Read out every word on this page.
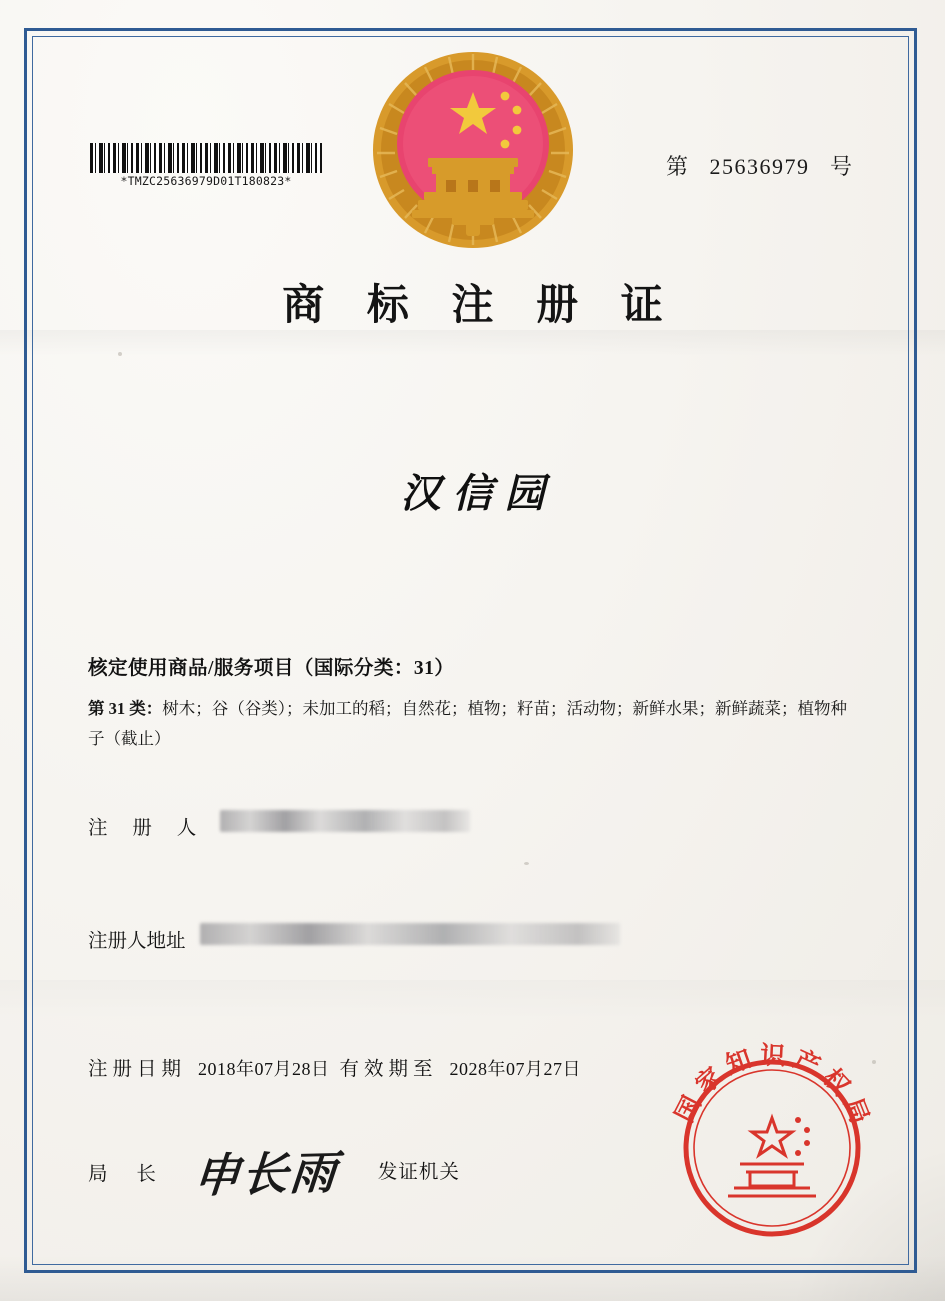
*TMZC25636979D01T180823*
第 25636979 号
商 标 注 册 证
汉信园
核定使用商品/服务项目（国际分类：31）
第 31 类：树木；谷（谷类）；未加工的稻；自然花；植物；籽苗；活动物；新鲜水果；新鲜蔬菜；植物种子（截止）
注 册 人
注册人地址
注册日期 2018年07月28日 有效期至 2028年07月27日
局 长 申长雨 发证机关
国家知识产权局
